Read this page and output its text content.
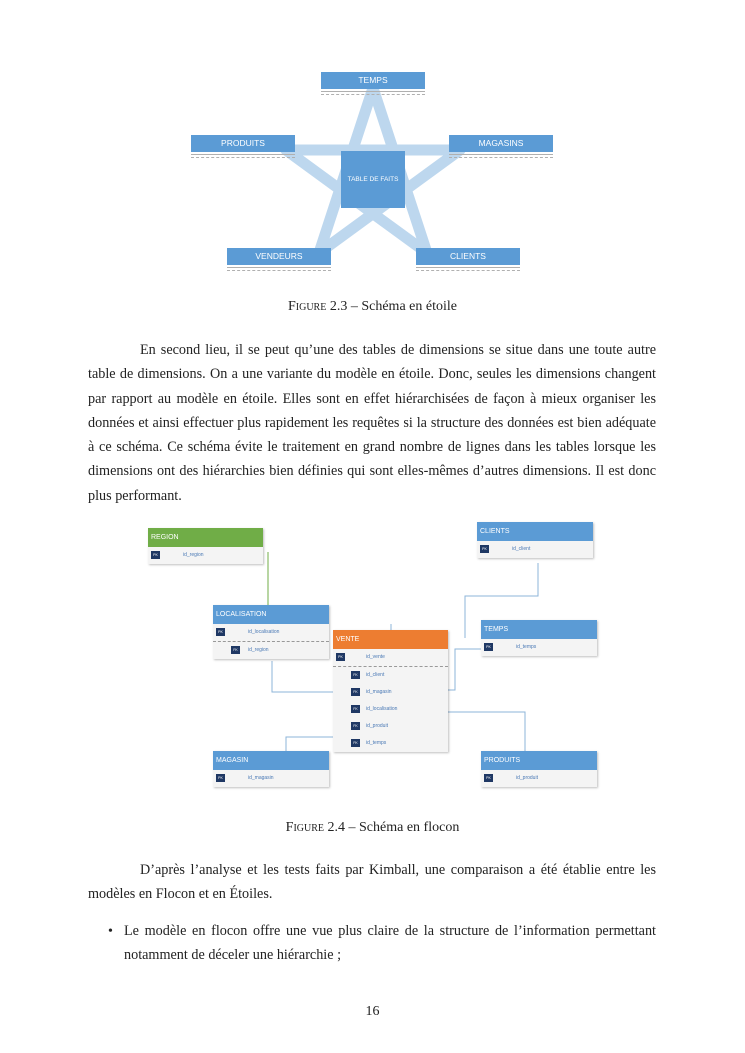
TEMPS
PRODUITS	MAGASINS
VENDEURS	CLIENTS
TABLE DE FAITS
Figure 2.3 – Schéma en étoile
En second lieu, il se peut qu’une des tables de dimensions se situe dans une toute autre table de dimensions. On a une variante du modèle en étoile. Donc, seules les dimensions changent par rapport au modèle en étoile. Elles sont en effet hiérarchisées de façon à mieux organiser les données et ainsi effectuer plus rapidement les requêtes si la structure des données est bien adéquate à ce schéma. Ce schéma évite le traitement en grand nombre de lignes dans les tables lorsque les dimensions ont des hiérarchies bien définies qui sont elles-mêmes d’autres dimensions. Il est donc plus performant.
REGION
PK	id_region
CLIENTS
PK	id_client
LOCALISATION
PK	id_localisation
FK	id_region
TEMPS
PK	id_temps
VENTE
PK	id_vente
FK	id_client
FK	id_magasin
FK	id_localisation
FK	id_produit
FK	id_temps
MAGASIN
PK	id_magasin
PRODUITS
PK	id_produit
Figure 2.4 – Schéma en flocon
D’après l’analyse et les tests faits par Kimball, une comparaison a été établie entre les modèles en Flocon et en Étoiles.
• Le modèle en flocon offre une vue plus claire de la structure de l’information permettant notamment de déceler une hiérarchie ;
16
